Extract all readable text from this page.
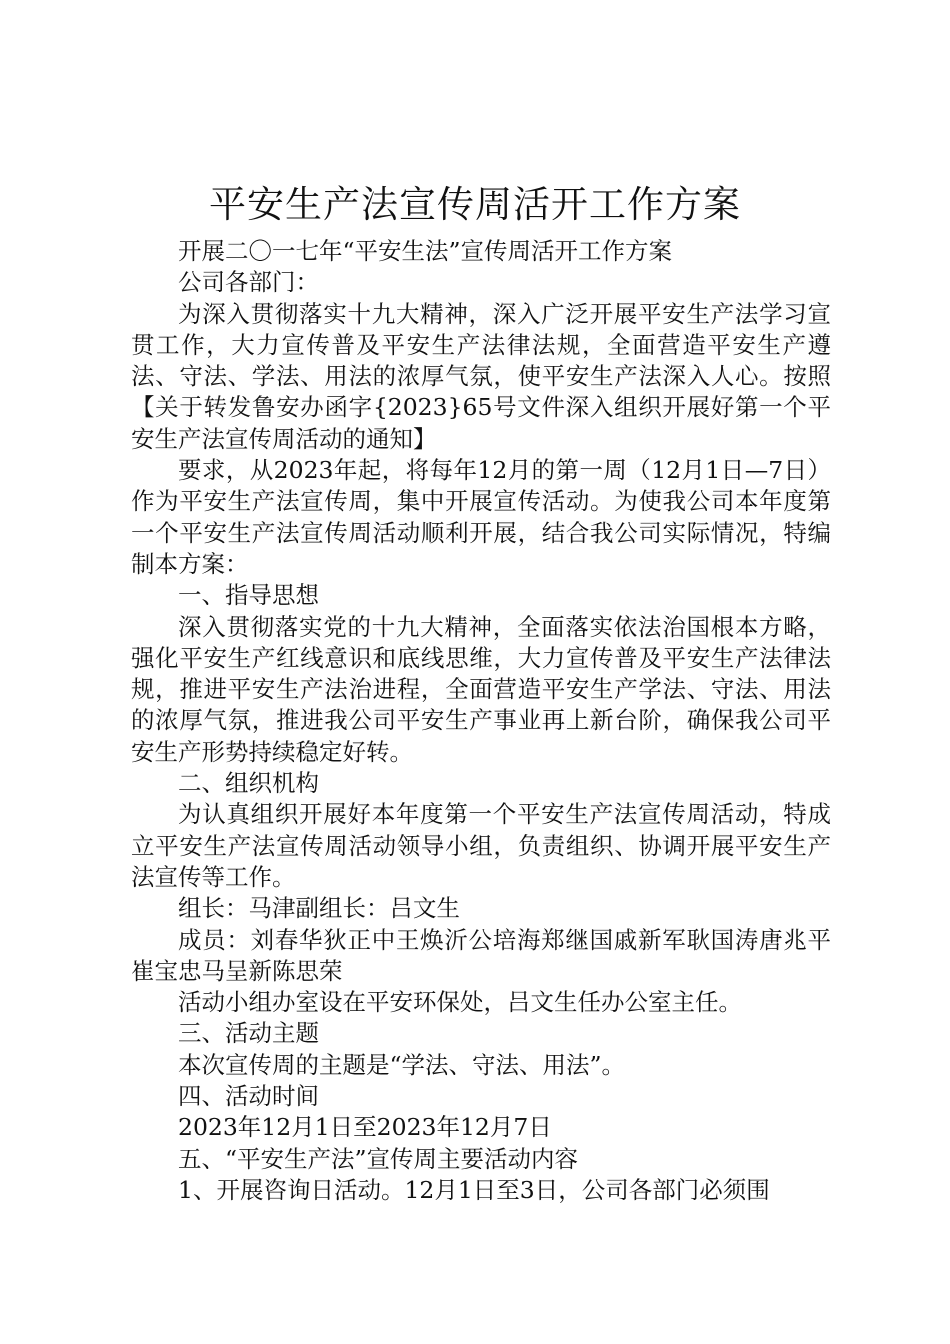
平安生产法宣传周活开工作方案

开展二〇一七年“平安生法”宣传周活开工作方案

公司各部门：

为深入贯彻落实十九大精神，深入广泛开展平安生产法学习宣贯工作，大力宣传普及平安生产法律法规，全面营造平安生产遵法、守法、学法、用法的浓厚气氛，使平安生产法深入人心。按照【关于转发鲁安办函字{2023}65号文件深入组织开展好第一个平安生产法宣传周活动的通知】

要求，从2023年起，将每年12月的第一周（12月1日—7日）作为平安生产法宣传周，集中开展宣传活动。为使我公司本年度第一个平安生产法宣传周活动顺利开展，结合我公司实际情况，特编制本方案：

一、指导思想

深入贯彻落实党的十九大精神，全面落实依法治国根本方略，强化平安生产红线意识和底线思维，大力宣传普及平安生产法律法规，推进平安生产法治进程，全面营造平安生产学法、守法、用法的浓厚气氛，推进我公司平安生产事业再上新台阶，确保我公司平安生产形势持续稳定好转。

二、组织机构

为认真组织开展好本年度第一个平安生产法宣传周活动，特成立平安生产法宣传周活动领导小组，负责组织、协调开展平安生产法宣传等工作。

组长：马津副组长：吕文生

成员：刘春华狄正中王焕沂公培海郑继国戚新军耿国涛唐兆平崔宝忠马呈新陈思荣

活动小组办室设在平安环保处，吕文生任办公室主任。

三、活动主题

本次宣传周的主题是“学法、守法、用法”。

四、活动时间

2023年12月1日至2023年12月7日

五、“平安生产法”宣传周主要活动内容

1、开展咨询日活动。12月1日至3日，公司各部门必须围
